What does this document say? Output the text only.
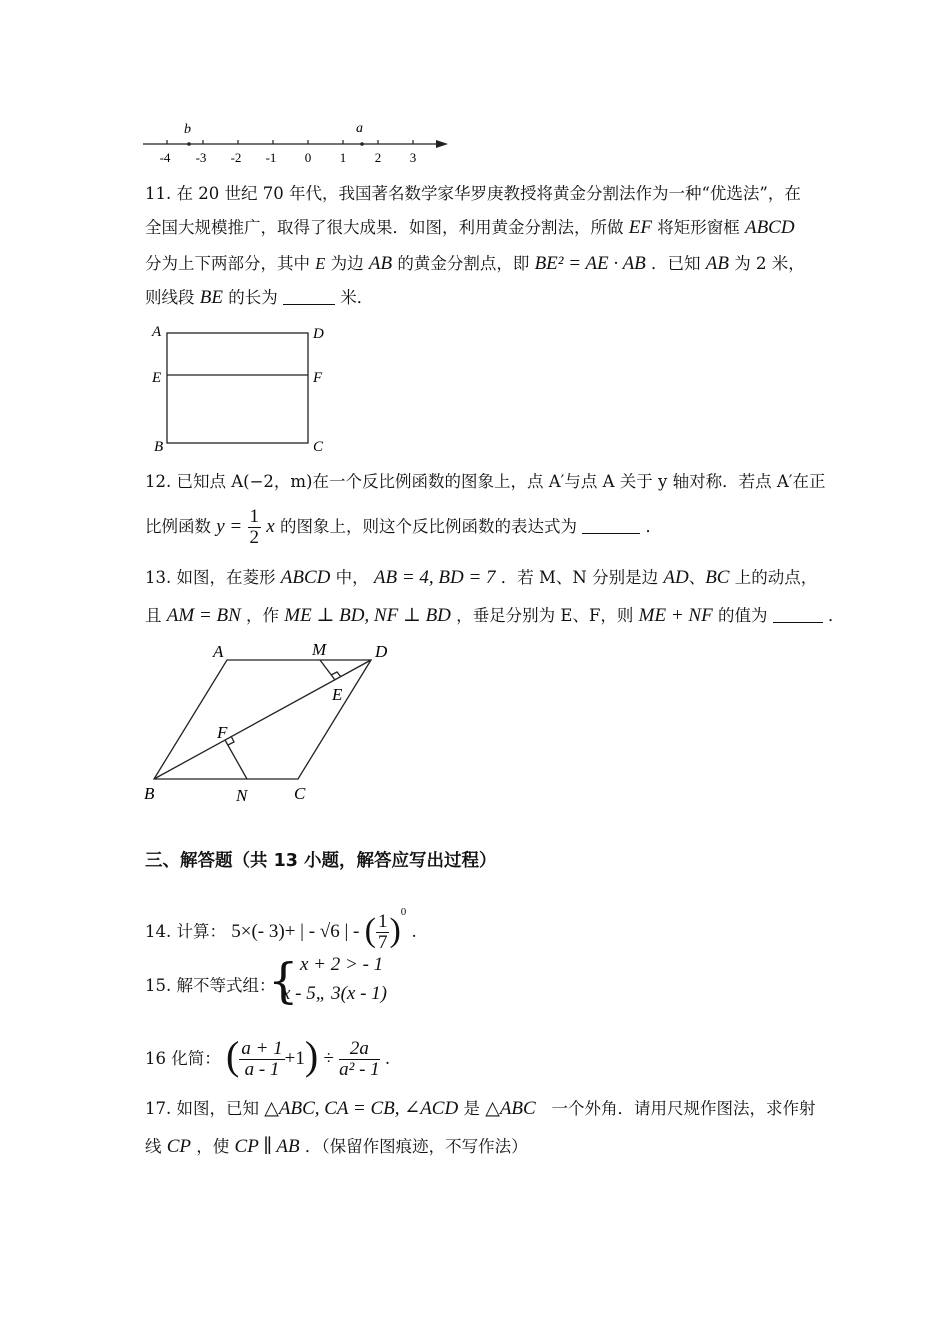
b	a
-4 -3 -2 -1 0 1 2 3
11. 在 20 世纪 70 年代，我国著名数学家华罗庚教授将黄金分割法作为一种“优选法”，在
全国大规模推广，取得了很大成果．如图，利用黄金分割法，所做 EF 将矩形窗框 ABCD
分为上下两部分，其中 E 为边 AB 的黄金分割点，即 BE² = AE · AB ．已知 AB 为 2 米，
则线段 BE 的长为	米．
A	D
E	F
B	C
12. 已知点 A(−2，m)在一个反比例函数的图象上，点 A′与点 A 关于 y 轴对称．若点 A′在正
比例函数 $y = \frac{1}{2}$ x 的图象上，则这个反比例函数的表达式为	．
13. 如图，在菱形 ABCD 中， AB = 4, BD = 7 ．若 M、N 分别是边 AD、BC 上的动点，
且 AM = BN ，作 ME ⊥ BD, NF ⊥ BD ，垂足分别为 E、F，则 ME + NF 的值为	．
A	M	D
E
F
B	N	C
三、解答题（共 13 小题，解答应写出过程）
14. 计算： 5×(- 3)+ | - √6 | - ( $\frac{1}{7} )^0$ .
15. 解不等式组：
{ x + 2 > - 1
x - 5„ 3(x - 1)
16 化简： ( $\frac{a + 1}{a - 1} +1) \div \frac{2a}{\text{a² - 1}}$ .
17. 如图，已知 △ABC, CA = CB, ∠ACD 是 △ABC 一个外角．请用尺规作图法，求作射
线 CP ，使 CP ∥ AB ．（保留作图痕迹，不写作法）
